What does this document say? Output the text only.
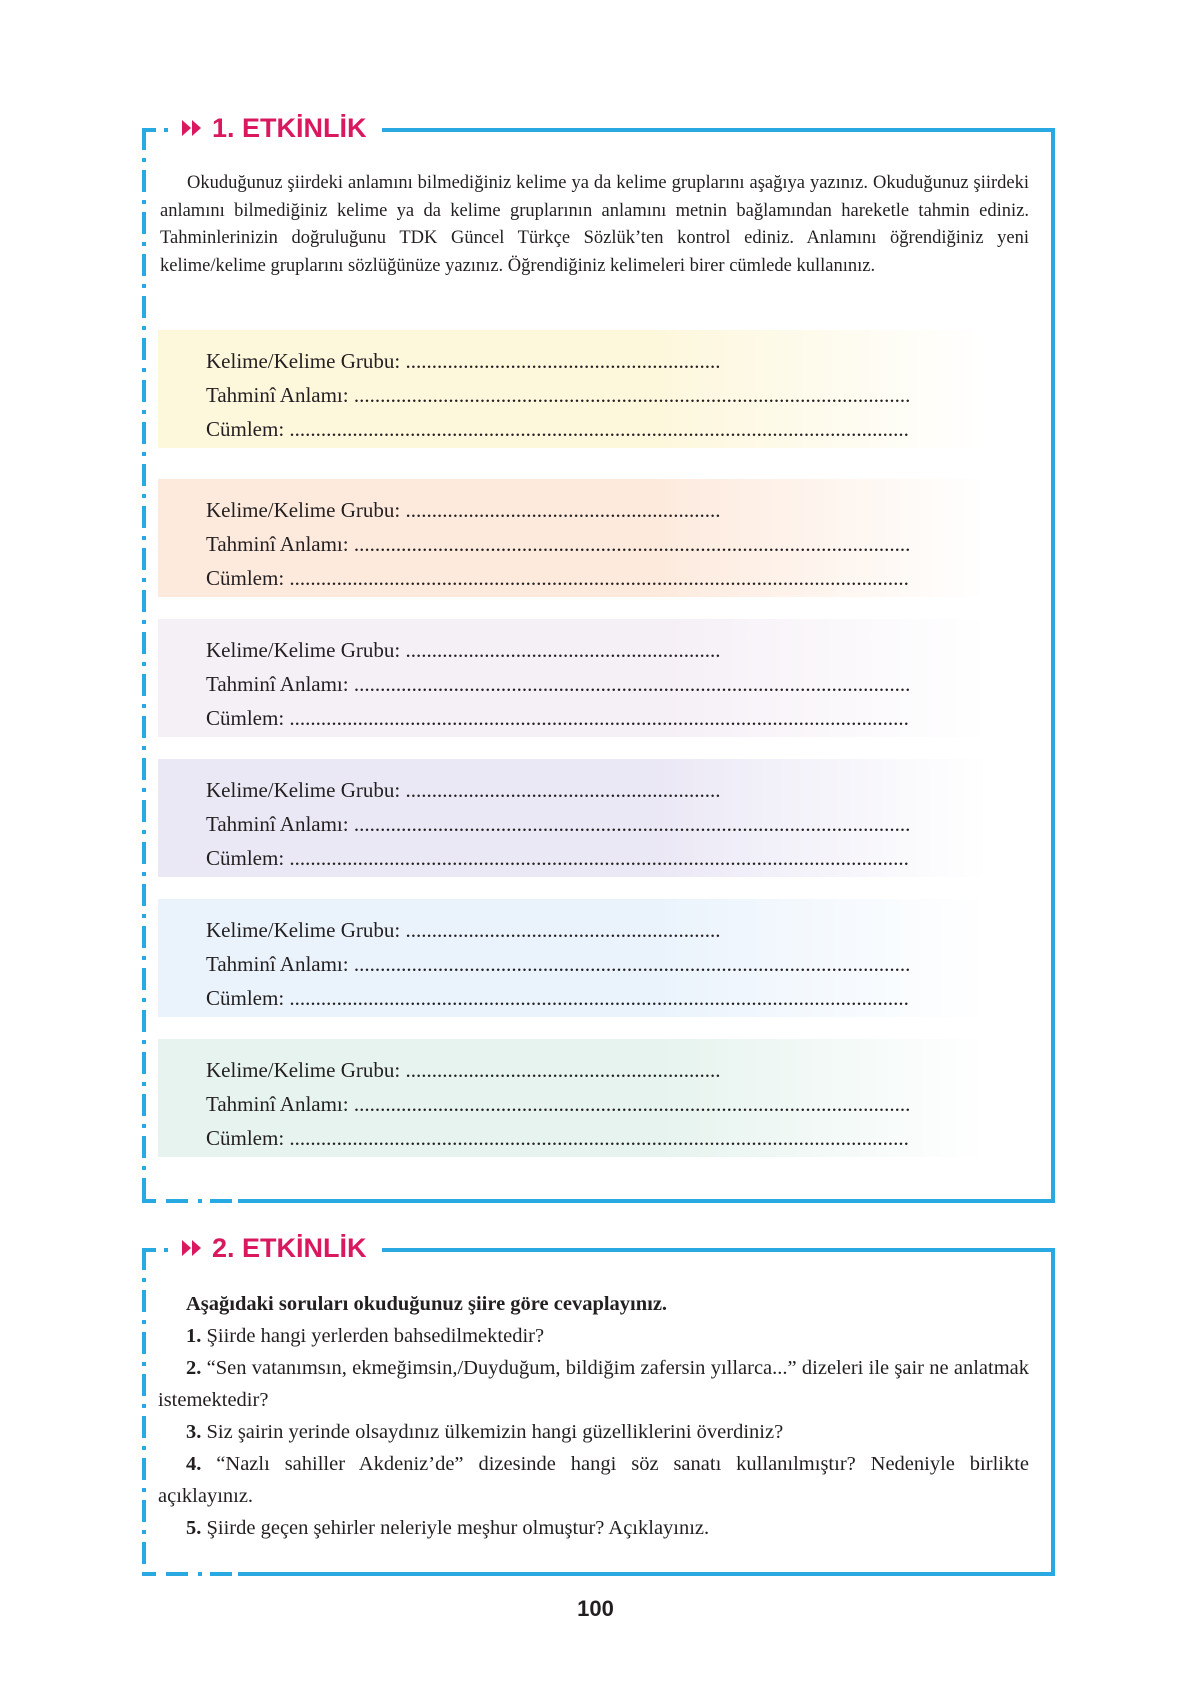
1. ETKİNLİK

Okuduğunuz şiirdeki anlamını bilmediğiniz kelime ya da kelime gruplarını aşağıya yazınız. Okuduğunuz şiirdeki anlamını bilmediğiniz kelime ya da kelime gruplarının anlamını metnin bağlamından hareketle tahmin ediniz. Tahminlerinizin doğruluğunu TDK Güncel Türkçe Sözlük’ten kontrol ediniz. Anlamını öğrendiğiniz yeni kelime/kelime gruplarını sözlüğünüze yazınız. Öğrendiğiniz kelimeleri birer cümlede kullanınız.

Kelime/Kelime Grubu: ............................................................
Tahminî Anlamı: ..........................................................................................................
Cümlem: ......................................................................................................................
Kelime/Kelime Grubu: ............................................................
Tahminî Anlamı: ..........................................................................................................
Cümlem: ......................................................................................................................
Kelime/Kelime Grubu: ............................................................
Tahminî Anlamı: ..........................................................................................................
Cümlem: ......................................................................................................................
Kelime/Kelime Grubu: ............................................................
Tahminî Anlamı: ..........................................................................................................
Cümlem: ......................................................................................................................
Kelime/Kelime Grubu: ............................................................
Tahminî Anlamı: ..........................................................................................................
Cümlem: ......................................................................................................................
Kelime/Kelime Grubu: ............................................................
Tahminî Anlamı: ..........................................................................................................
Cümlem: ......................................................................................................................
2. ETKİNLİK

Aşağıdaki soruları okuduğunuz şiire göre cevaplayınız.

1. Şiirde hangi yerlerden bahsedilmektedir?

2. “Sen vatanımsın, ekmeğimsin,/Duyduğum, bildiğim zafersin yıllarca...” dizeleri ile şair ne anlatmak istemektedir?

3. Siz şairin yerinde olsaydınız ülkemizin hangi güzelliklerini överdiniz?

4. “Nazlı sahiller Akdeniz’de” dizesinde hangi söz sanatı kullanılmıştır? Nedeniyle birlikte açıklayınız.

5. Şiirde geçen şehirler neleriyle meşhur olmuştur? Açıklayınız.

100
